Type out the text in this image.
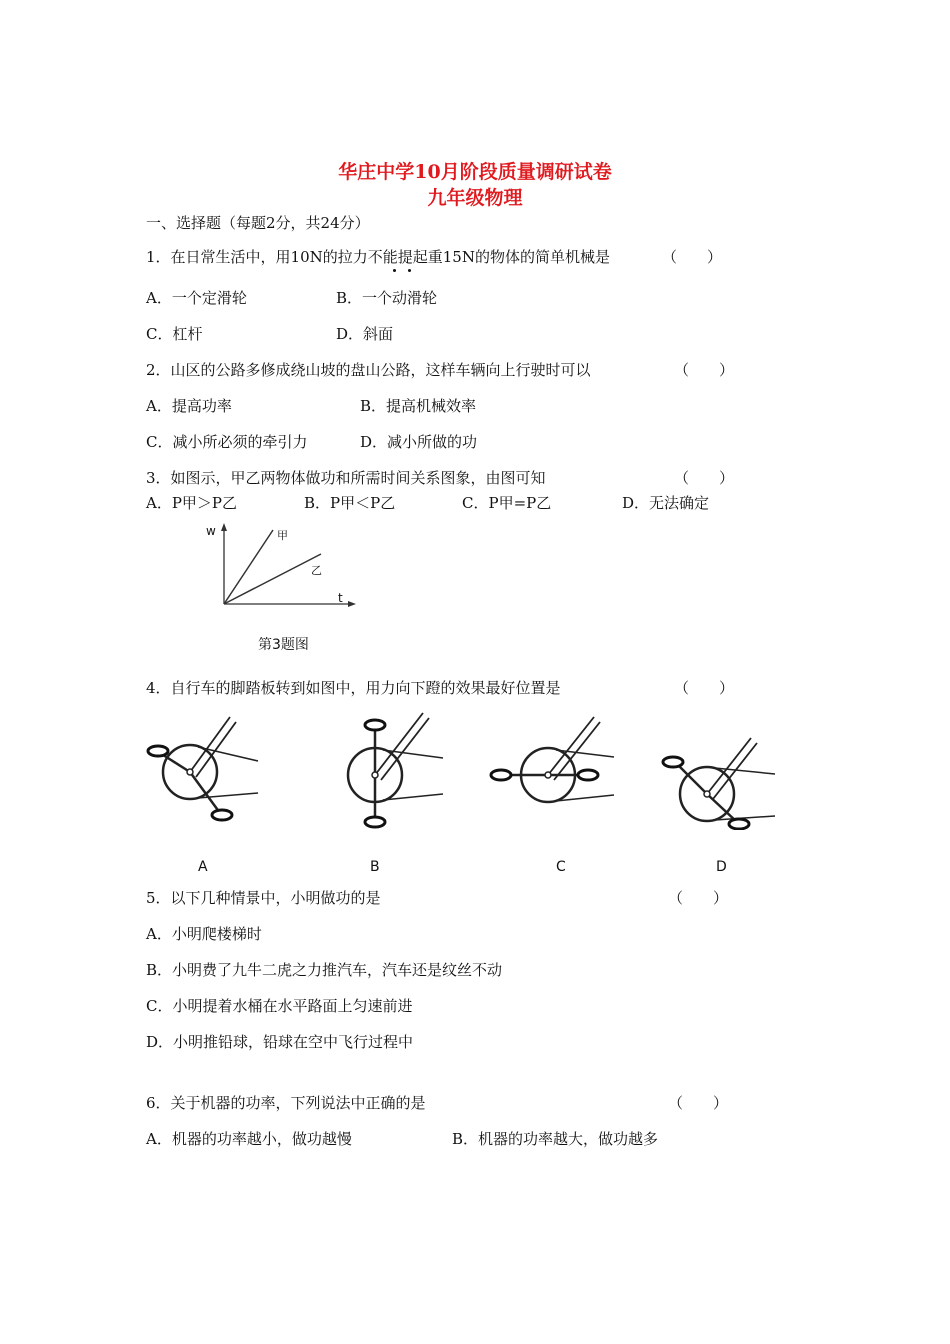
华庄中学10月阶段质量调研试卷
九年级物理
一、选择题（每题2分，共24分）
1．在日常生活中，用10N的拉力不能提起重15N的物体的简单机械是	（　　）
A．一个定滑轮	B．一个动滑轮
C．杠杆	D．斜面
2．山区的公路多修成绕山坡的盘山公路，这样车辆向上行驶时可以	（　　）
A．提高功率	B．提高机械效率
C．减小所必须的牵引力	D．减小所做的功
3．如图示，甲乙两物体做功和所需时间关系图象，由图可知	（　　）
A．P甲＞P乙	B．P甲＜P乙	C．P甲=P乙	D．无法确定
w
t
甲
乙
第3题图
4．自行车的脚踏板转到如图中，用力向下蹬的效果最好位置是	（　　）
A	B	C	D
5．以下几种情景中，小明做功的是	（　　）
A．小明爬楼梯时
B．小明费了九牛二虎之力推汽车，汽车还是纹丝不动
C．小明提着水桶在水平路面上匀速前进
D．小明推铅球，铅球在空中飞行过程中
6．关于机器的功率，下列说法中正确的是	（　　）
A．机器的功率越小，做功越慢	B．机器的功率越大，做功越多
